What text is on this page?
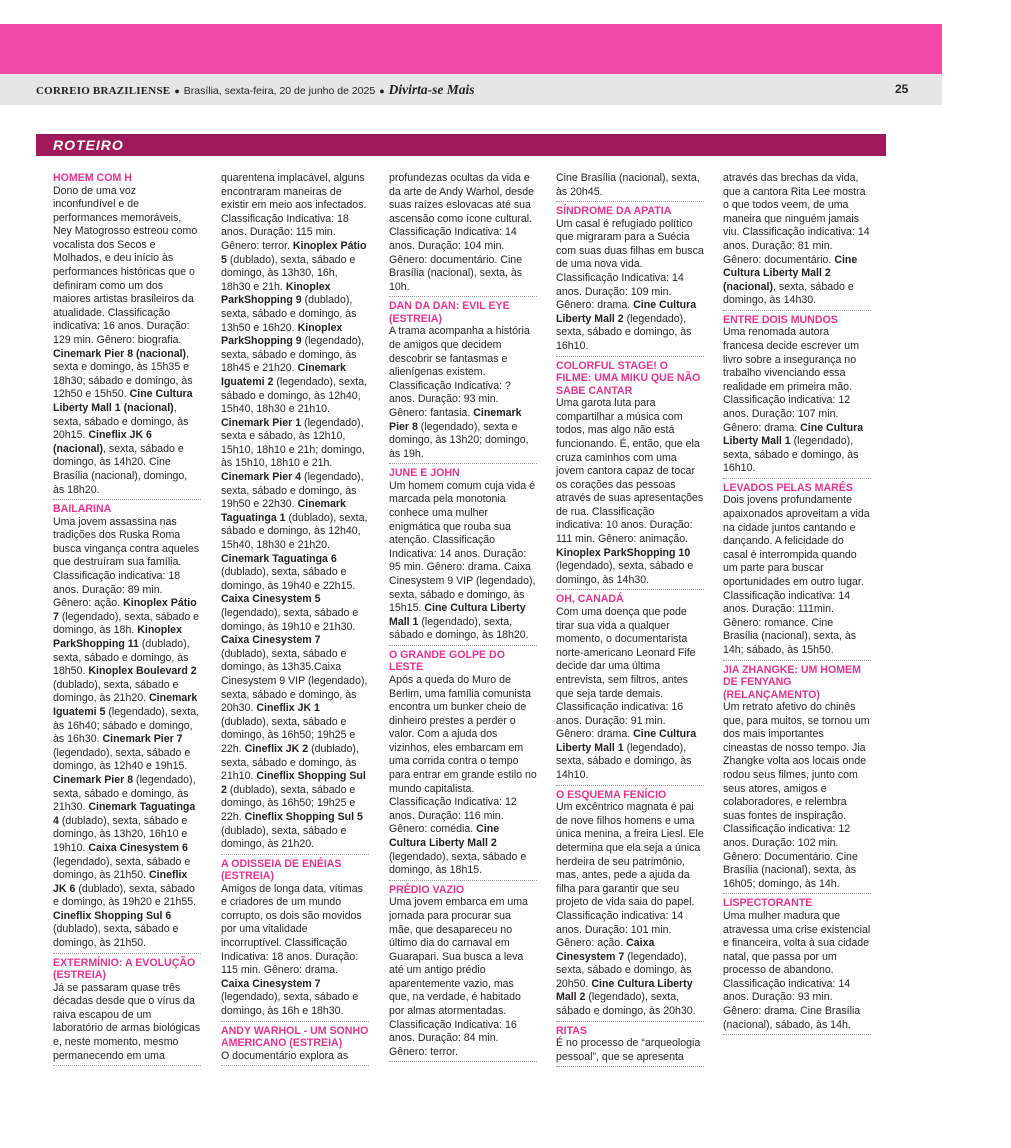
CORREIO BRAZILIENSE ● Brasília, sexta-feira, 20 de junho de 2025 ● Divirta-se Mais	25
ROTEIRO
HOMEM COM H

Dono de uma voz inconfundível e de performances memoráveis, Ney Matogrosso estreou como vocalista dos Secos e Molhados, e deu início às performances históricas que o definiram como um dos maiores artistas brasileiros da atualidade. Classificação indicativa: 16 anos. Duração: 129 min. Gênero: biografia. Cinemark Pier 8 (nacional), sexta e domingo, às 15h35 e 18h30; sábado e domingo, às 12h50 e 15h50. Cine Cultura Liberty Mall 1 (nacional), sexta, sábado e domingo, às 20h15. Cineflix JK 6 (nacional), sexta, sábado e domingo, às 14h20. Cine Brasília (nacional), domingo, às 18h20.

BAILARINA

Uma jovem assassina nas tradições dos Ruska Roma busca vingança contra aqueles que destruíram sua família. Classificação indicativa: 18 anos. Duração: 89 min. Gênero: ação. Kinoplex Pátio 7 (legendado), sexta, sábado e domingo, às 18h. Kinoplex ParkShopping 11 (dublado), sexta, sábado e domingo, às 18h50. Kinoplex Boulevard 2 (dublado), sexta, sábado e domingo, às 21h20. Cinemark Iguatemi 5 (legendado), sexta, às 16h40; sábado e domingo, às 16h30. Cinemark Pier 7 (legendado), sexta, sábado e domingo, às 12h40 e 19h15. Cinemark Pier 8 (legendado), sexta, sábado e domingo, às 21h30. Cinemark Taguatinga 4 (dublado), sexta, sábado e domingo, às 13h20, 16h10 e 19h10. Caixa Cinesystem 6 (legendado), sexta, sábado e domingo, às 21h50. Cineflix JK 6 (dublado), sexta, sábado e domingo, às 19h20 e 21h55. Cineflix Shopping Sul 6 (dublado), sexta, sábado e domingo, às 21h50.

EXTERMÍNIO: A EVOLUÇÃO (ESTREIA)

Já se passaram quase três décadas desde que o vírus da raiva escapou de um laboratório de armas biológicas e, neste momento, mesmo permanecendo em uma

quarentena implacável, alguns encontraram maneiras de existir em meio aos infectados. Classificação Indicativa: 18 anos. Duração: 115 min. Gênero: terror. Kinoplex Pátio 5 (dublado), sexta, sábado e domingo, às 13h30, 16h, 18h30 e 21h. Kinoplex ParkShopping 9 (dublado), sexta, sábado e domingo, às 13h50 e 16h20. Kinoplex ParkShopping 9 (legendado), sexta, sábado e domingo, às 18h45 e 21h20. Cinemark Iguatemi 2 (legendado), sexta, sábado e domingo, às 12h40, 15h40, 18h30 e 21h10. Cinemark Pier 1 (legendado), sexta e sábado, às 12h10, 15h10, 18h10 e 21h; domingo, às 15h10, 18h10 e 21h. Cinemark Pier 4 (legendado), sexta, sábado e domingo, às 19h50 e 22h30. Cinemark Taguatinga 1 (dublado), sexta, sábado e domingo, às 12h40, 15h40, 18h30 e 21h20. Cinemark Taguatinga 6 (dublado), sexta, sábado e domingo, às 19h40 e 22h15. Caixa Cinesystem 5 (legendado), sexta, sábado e domingo, às 19h10 e 21h30. Caixa Cinesystem 7 (dublado), sexta, sábado e domingo, às 13h35.Caixa Cinesystem 9 VIP (legendado), sexta, sábado e domingo, às 20h30. Cineflix JK 1 (dublado), sexta, sábado e domingo, às 16h50; 19h25 e 22h. Cineflix JK 2 (dublado), sexta, sábado e domingo, às 21h10. Cineflix Shopping Sul 2 (dublado), sexta, sábado e domingo, às 16h50; 19h25 e 22h. Cineflix Shopping Sul 5 (dublado), sexta, sábado e domingo, às 21h20.

A ODISSEIA DE ENÉIAS (ESTREIA)

Amigos de longa data, vítimas e criadores de um mundo corrupto, os dois são movidos por uma vitalidade incorruptível. Classificação Indicativa: 18 anos. Duração: 115 min. Gênero: drama. Caixa Cinesystem 7 (legendado), sexta, sábado e domingo, às 16h e 18h30.

ANDY WARHOL - UM SONHO AMERICANO (ESTREIA)

O documentário explora as

profundezas ocultas da vida e da arte de Andy Warhol, desde suas raízes eslovacas até sua ascensão como ícone cultural. Classificação Indicativa: 14 anos. Duração: 104 min. Gênero: documentário. Cine Brasília (nacional), sexta, às 10h.

DAN DA DAN: EVIL EYE (ESTREIA)

A trama acompanha a história de amigos que decidem descobrir se fantasmas e alienígenas existem. Classificação Indicativa: ? anos. Duração: 93 min. Gênero: fantasia. Cinemark Pier 8 (legendado), sexta e domingo, às 13h20; domingo, às 19h.

JUNE E JOHN

Um homem comum cuja vida é marcada pela monotonia conhece uma mulher enigmática que rouba sua atenção. Classificação Indicativa: 14 anos. Duração: 95 min. Gênero: drama. Caixa Cinesystem 9 VIP (legendado), sexta, sábado e domingo, às 15h15. Cine Cultura Liberty Mall 1 (legendado), sexta, sábado e domingo, às 18h20.

O GRANDE GOLPE DO LESTE

Após a queda do Muro de Berlim, uma família comunista encontra um bunker cheio de dinheiro prestes a perder o valor. Com a ajuda dos vizinhos, eles embarcam em uma corrida contra o tempo para entrar em grande estilo no mundo capitalista. Classificação Indicativa: 12 anos. Duração: 116 min. Gênero: comédia. Cine Cultura Liberty Mall 2 (legendado), sexta, sábado e domingo, às 18h15.

PRÉDIO VAZIO

Uma jovem embarca em uma jornada para procurar sua mãe, que desapareceu no último dia do carnaval em Guarapari. Sua busca a leva até um antigo prédio aparentemente vazio, mas que, na verdade, é habitado por almas atormentadas. Classificação Indicativa: 16 anos. Duração: 84 min. Gênero: terror.

Cine Brasília (nacional), sexta, às 20h45.

SÍNDROME DA APATIA

Um casal é refugiado político que migraram para a Suécia com suas duas filhas em busca de uma nova vida. Classificação Indicativa: 14 anos. Duração: 109 min. Gênero: drama. Cine Cultura Liberty Mall 2 (legendado), sexta, sábado e domingo, às 16h10.

COLORFUL STAGE! O FILME: UMA MIKU QUE NÃO SABE CANTAR

Uma garota luta para compartilhar a música com todos, mas algo não está funcionando. É, então, que ela cruza caminhos com uma jovem cantora capaz de tocar os corações das pessoas através de suas apresentações de rua. Classificação indicativa: 10 anos. Duração: 111 min. Gênero: animação. Kinoplex ParkShopping 10 (legendado), sexta, sábado e domingo, às 14h30.

OH, CANADÁ

Com uma doença que pode tirar sua vida a qualquer momento, o documentarista norte-americano Leonard Fife decide dar uma última entrevista, sem filtros, antes que seja tarde demais. Classificação indicativa: 16 anos. Duração: 91 min. Gênero: drama. Cine Cultura Liberty Mall 1 (legendado), sexta, sábado e domingo, às 14h10.

O ESQUEMA FENÍCIO

Um excêntrico magnata é pai de nove filhos homens e uma única menina, a freira Liesl. Ele determina que ela seja a única herdeira de seu patrimônio, mas, antes, pede a ajuda da filha para garantir que seu projeto de vida saia do papel. Classificação indicativa: 14 anos. Duração: 101 min. Gênero: ação. Caixa Cinesystem 7 (legendado), sexta, sábado e domingo, às 20h50. Cine Cultura Liberty Mall 2 (legendado), sexta, sábado e domingo, às 20h30.

RITAS

É no processo de “arqueologia pessoal”, que se apresenta

através das brechas da vida, que a cantora Rita Lee mostra o que todos veem, de uma maneira que ninguém jamais viu. Classificação indicativa: 14 anos. Duração: 81 min. Gênero: documentário. Cine Cultura Liberty Mall 2 (nacional), sexta, sábado e domingo, às 14h30.

ENTRE DOIS MUNDOS

Uma renomada autora francesa decide escrever um livro sobre a insegurança no trabalho vivenciando essa realidade em primeira mão. Classificação indicativa: 12 anos. Duração: 107 min. Gênero: drama. Cine Cultura Liberty Mall 1 (legendado), sexta, sábado e domingo, às 16h10.

LEVADOS PELAS MARÉS

Dois jovens profundamente apaixonados aproveitam a vida na cidade juntos cantando e dançando. A felicidade do casal é interrompida quando um parte para buscar oportunidades em outro lugar. Classificação indicativa: 14 anos. Duração: 111min. Gênero: romance. Cine Brasília (nacional), sexta, às 14h; sábado, às 15h50.

JIA ZHANGKE: UM HOMEM DE FENYANG (RELANÇAMENTO)

Um retrato afetivo do chinês que, para muitos, se tornou um dos mais importantes cineastas de nosso tempo. Jia Zhangke volta aos locais onde rodou seus filmes, junto com seus atores, amigos e colaboradores, e relembra suas fontes de inspiração. Classificação indicativa: 12 anos. Duração: 102 min. Gênero: Documentário. Cine Brasília (nacional), sexta, às 16h05; domingo, às 14h.

LISPECTORANTE

Uma mulher madura que atravessa uma crise existencial e financeira, volta à sua cidade natal, que passa por um processo de abandono. Classificação indicativa: 14 anos. Duração: 93 min. Gênero: drama. Cine Brasília (nacional), sábado, às 14h.
